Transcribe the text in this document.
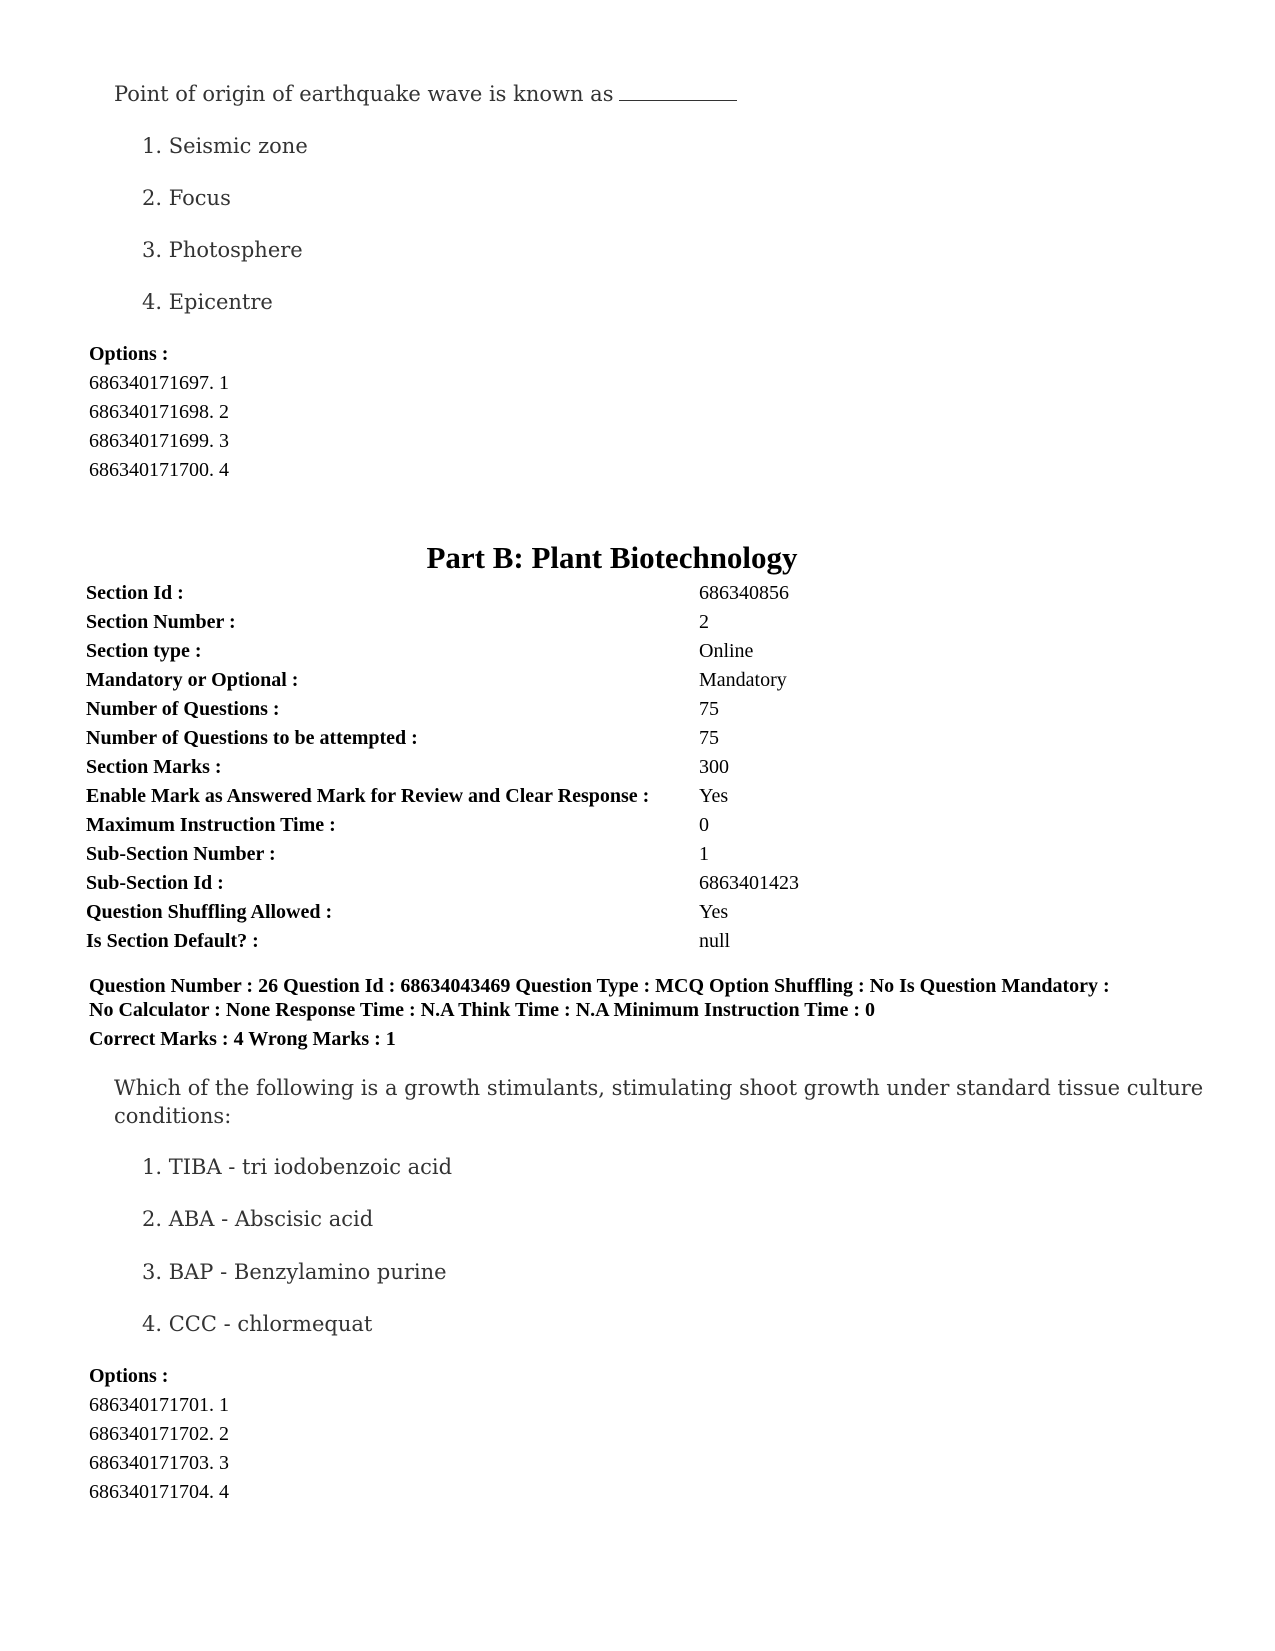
Point of origin of earthquake wave is known as
1. Seismic zone
2. Focus
3. Photosphere
4. Epicentre
Options :
686340171697. 1
686340171698. 2
686340171699. 3
686340171700. 4
Part B: Plant Biotechnology
Section Id :	686340856
Section Number :	2
Section type :	Online
Mandatory or Optional :	Mandatory
Number of Questions :	75
Number of Questions to be attempted :	75
Section Marks :	300
Enable Mark as Answered Mark for Review and Clear Response :	Yes
Maximum Instruction Time :	0
Sub-Section Number :	1
Sub-Section Id :	6863401423
Question Shuffling Allowed :	Yes
Is Section Default? :	null
Question Number : 26 Question Id : 68634043469 Question Type : MCQ Option Shuffling : No Is Question Mandatory :
No Calculator : None Response Time : N.A Think Time : N.A Minimum Instruction Time : 0
Correct Marks : 4 Wrong Marks : 1
Which of the following is a growth stimulants, stimulating shoot growth under standard tissue culture
conditions:
1. TIBA - tri iodobenzoic acid
2. ABA - Abscisic acid
3. BAP - Benzylamino purine
4. CCC - chlormequat
Options :
686340171701. 1
686340171702. 2
686340171703. 3
686340171704. 4
